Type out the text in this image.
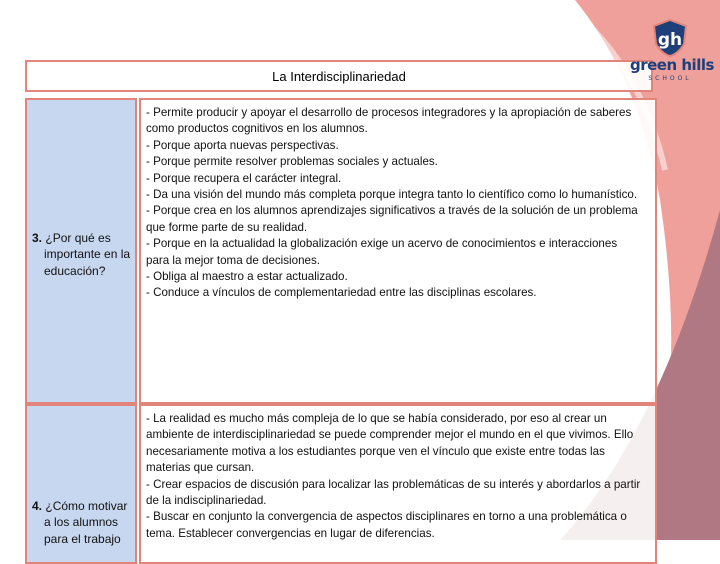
gh
green hills
SCHOOL
La Interdisciplinariedad
3. ¿Por qué es
importante en la
educación?
- Permite producir y apoyar el desarrollo de procesos integradores y la apropiación de saberes
como productos cognitivos en los alumnos.
- Porque aporta nuevas perspectivas.
- Porque permite resolver problemas sociales y actuales.
- Porque recupera el carácter integral.
- Da una visión del mundo más completa porque integra tanto lo científico como lo humanístico.
- Porque crea en los alumnos aprendizajes significativos a través de la solución de un problema
que forme parte de su realidad.
- Porque en la actualidad la globalización exige un acervo de conocimientos e interacciones
para la mejor toma de decisiones.
- Obliga al maestro a estar actualizado.
- Conduce a vínculos de complementariedad entre las disciplinas escolares.
4. ¿Cómo motivar
a los alumnos
para el trabajo
- La realidad es mucho más compleja de lo que se había considerado, por eso al crear un
ambiente de interdisciplinariedad se puede comprender mejor el mundo en el que vivimos. Ello
necesariamente motiva a los estudiantes porque ven el vínculo que existe entre todas las
materias que cursan.
- Crear espacios de discusión para localizar las problemáticas de su interés y abordarlos a partir
de la indisciplinariedad.
- Buscar en conjunto la convergencia de aspectos disciplinares en torno a una problemática o
tema. Establecer convergencias en lugar de diferencias.
